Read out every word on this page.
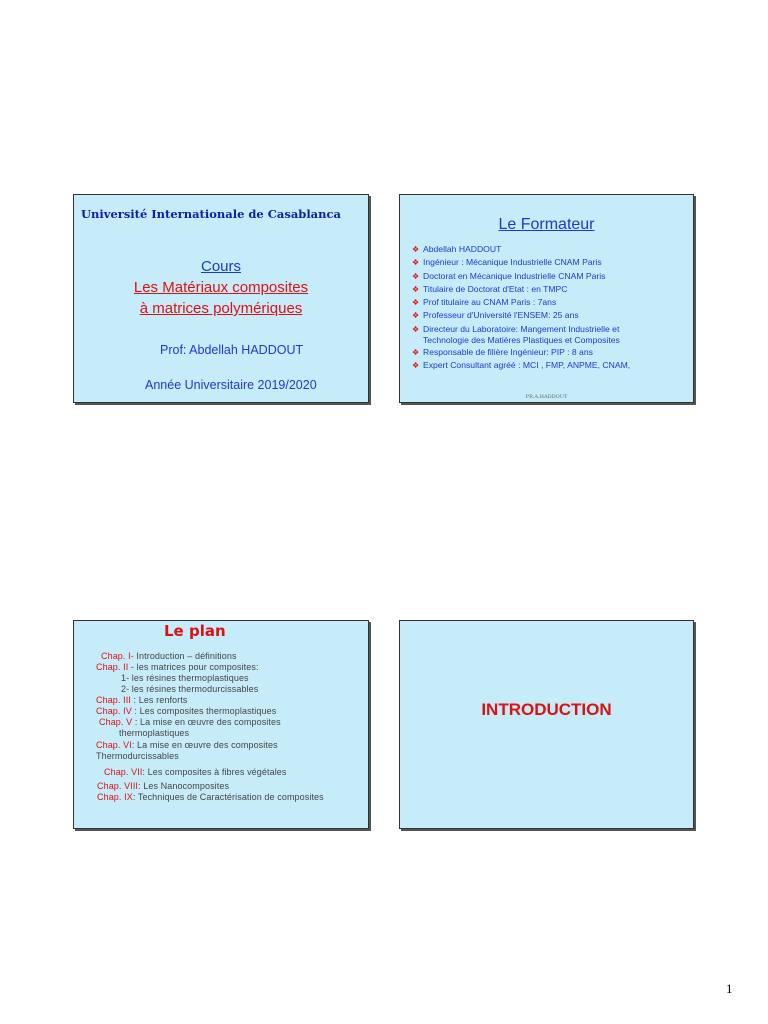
Université Internationale de Casablanca
Cours
Les Matériaux composites
à matrices polymériques
Prof: Abdellah HADDOUT
Année Universitaire 2019/2020
Le Formateur
❖ Abdellah HADDOUT
❖ Ingénieur : Mécanique Industrielle CNAM Paris
❖ Doctorat en Mécanique Industrielle CNAM Paris
❖ Titulaire de Doctorat d'Etat : en TMPC
❖ Prof titulaire au CNAM Paris : 7ans
❖ Professeur d'Université l'ENSEM: 25 ans
❖ Directeur du Laboratoire: Mangement Industrielle et
Technologie des Matières Plastiques et Composites
❖ Responsable de filière Ingénieur: PIP : 8 ans
❖ Expert Consultant agréé : MCI , FMP, ANPME, CNAM,
PR.A.HADDOUT
Le plan
Chap. I- Introduction – définitions
Chap. II - les matrices pour composites:
1- les résines thermoplastiques
2- les résines thermodurcissables
Chap. III : Les renforts
Chap. IV : Les composites thermoplastiques
Chap. V : La mise en œuvre des composites
thermoplastiques
Chap. VI: La mise en œuvre des composites
Thermodurcissables
Chap. VII: Les composites à fibres végétales
Chap. VIII: Les Nanocomposites
Chap. IX: Techniques de Caractérisation de composites
INTRODUCTION
1
